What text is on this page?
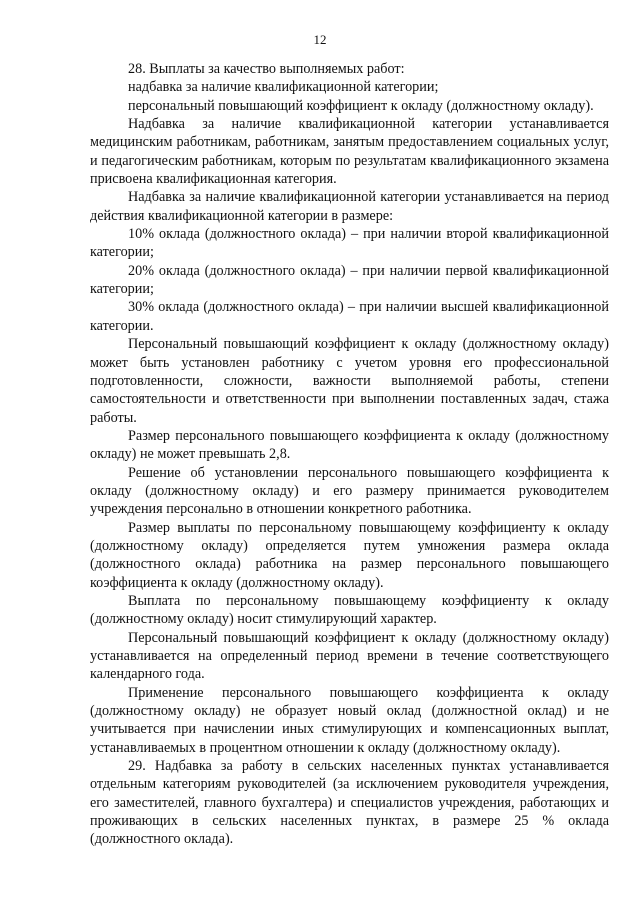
12

28. Выплаты за качество выполняемых работ:

надбавка за наличие квалификационной категории;

персональный повышающий коэффициент к окладу (должностному окладу).

Надбавка за наличие квалификационной категории устанавливается медицинским работникам, работникам, занятым предоставлением социальных услуг, и педагогическим работникам, которым по результатам квалификационного экзамена присвоена квалификационная категория.

Надбавка за наличие квалификационной категории устанавливается на период действия квалификационной категории в размере:

10% оклада (должностного оклада) – при наличии второй квалификационной категории;

20% оклада (должностного оклада) – при наличии первой квалификационной категории;

30% оклада (должностного оклада) – при наличии высшей квалификационной категории.

Персональный повышающий коэффициент к окладу (должностному окладу) может быть установлен работнику с учетом уровня его профессиональной подготовленности, сложности, важности выполняемой работы, степени самостоятельности и ответственности при выполнении поставленных задач, стажа работы.

Размер персонального повышающего коэффициента к окладу (должностному окладу) не может превышать 2,8.

Решение об установлении персонального повышающего коэффициента к окладу (должностному окладу) и его размеру принимается руководителем учреждения персонально в отношении конкретного работника.

Размер выплаты по персональному повышающему коэффициенту к окладу (должностному окладу) определяется путем умножения размера оклада (должностного оклада) работника на размер персонального повышающего коэффициента к окладу (должностному окладу).

Выплата по персональному повышающему коэффициенту к окладу (должностному окладу) носит стимулирующий характер.

Персональный повышающий коэффициент к окладу (должностному окладу) устанавливается на определенный период времени в течение соответствующего календарного года.

Применение персонального повышающего коэффициента к окладу (должностному окладу) не образует новый оклад (должностной оклад) и не учитывается при начислении иных стимулирующих и компенсационных выплат, устанавливаемых в процентном отношении к окладу (должностному окладу).

29. Надбавка за работу в сельских населенных пунктах устанавливается отдельным категориям руководителей (за исключением руководителя учреждения, его заместителей, главного бухгалтера) и специалистов учреждения, работающих и проживающих в сельских населенных пунктах, в размере 25 % оклада (должностного оклада).
